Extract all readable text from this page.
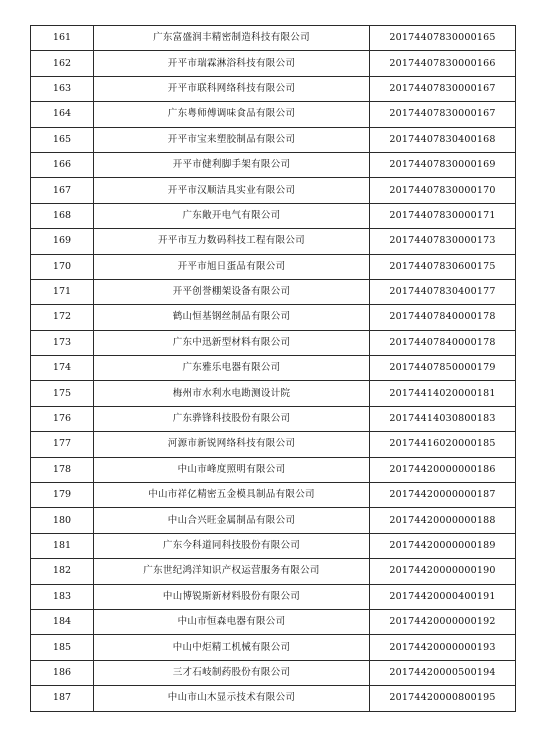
161	广东富盛润丰精密制造科技有限公司	20174407830000165
162	开平市瑞霖淋浴科技有限公司	20174407830000166
163	开平市联科网络科技有限公司	20174407830000167
164	广东粤师傅调味食品有限公司	20174407830000167
165	开平市宝来塑胶制品有限公司	20174407830400168
166	开平市健利脚手架有限公司	20174407830000169
167	开平市汉顺洁具实业有限公司	20174407830000170
168	广东敞开电气有限公司	20174407830000171
169	开平市互力数码科技工程有限公司	20174407830000173
170	开平市旭日蛋品有限公司	20174407830600175
171	开平创誉棚架设备有限公司	20174407830400177
172	鹤山恒基钢丝制品有限公司	20174407840000178
173	广东中迅新型材料有限公司	20174407840000178
174	广东雅乐电器有限公司	20174407850000179
175	梅州市水利水电勘测设计院	20174414020000181
176	广东骅锋科技股份有限公司	20174414030800183
177	河源市新锐网络科技有限公司	20174416020000185
178	中山市峰度照明有限公司	20174420000000186
179	中山市祥亿精密五金模具制品有限公司	20174420000000187
180	中山合兴旺金属制品有限公司	20174420000000188
181	广东今科道同科技股份有限公司	20174420000000189
182	广东世纪鸿洋知识产权运营服务有限公司	20174420000000190
183	中山博锐斯新材料股份有限公司	20174420000400191
184	中山市恒森电器有限公司	20174420000000192
185	中山中炬精工机械有限公司	20174420000000193
186	三才石岐制药股份有限公司	20174420000500194
187	中山市山木显示技术有限公司	20174420000800195
